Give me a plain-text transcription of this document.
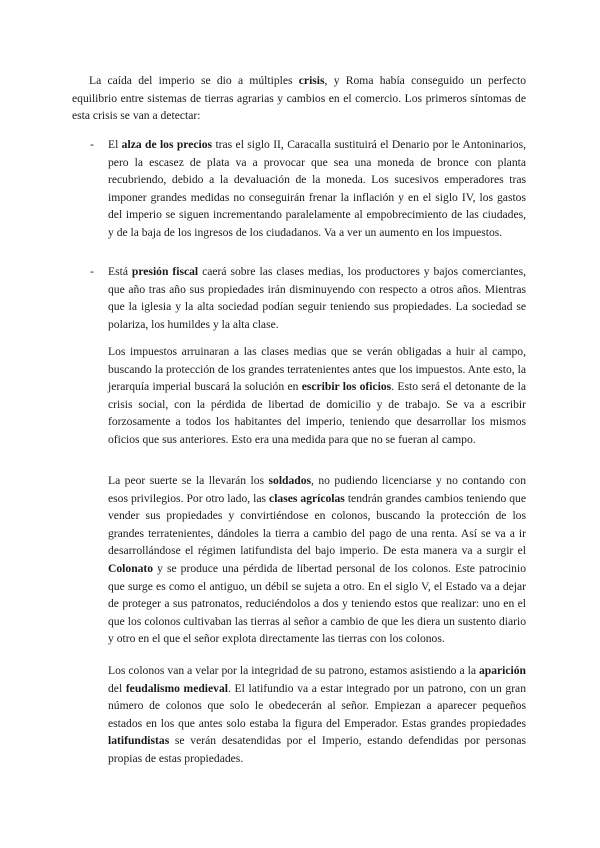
La caída del imperio se dio a múltiples crisis, y Roma había conseguido un perfecto equilibrio entre sistemas de tierras agrarias y cambios en el comercio. Los primeros síntomas de esta crisis se van a detectar:

- El alza de los precios tras el siglo II, Caracalla sustituirá el Denario por le Antoninarios, pero la escasez de plata va a provocar que sea una moneda de bronce con planta recubriendo, debido a la devaluación de la moneda. Los sucesivos emperadores tras imponer grandes medidas no conseguirán frenar la inflación y en el siglo IV, los gastos del imperio se siguen incrementando paralelamente al empobrecimiento de las ciudades, y de la baja de los ingresos de los ciudadanos. Va a ver un aumento en los impuestos.

- Está presión fiscal caerá sobre las clases medias, los productores y bajos comerciantes, que año tras año sus propiedades irán disminuyendo con respecto a otros años. Mientras que la iglesia y la alta sociedad podían seguir teniendo sus propiedades. La sociedad se polariza, los humildes y la alta clase.

Los impuestos arruinaran a las clases medias que se verán obligadas a huir al campo, buscando la protección de los grandes terratenientes antes que los impuestos. Ante esto, la jerarquía imperial buscará la solución en escribir los oficios. Esto será el detonante de la crisis social, con la pérdida de libertad de domicilio y de trabajo. Se va a escribir forzosamente a todos los habitantes del imperio, teniendo que desarrollar los mismos oficios que sus anteriores. Esto era una medida para que no se fueran al campo.

La peor suerte se la llevarán los soldados, no pudiendo licenciarse y no contando con esos privilegios. Por otro lado, las clases agrícolas tendrán grandes cambios teniendo que vender sus propiedades y convirtiéndose en colonos, buscando la protección de los grandes terratenientes, dándoles la tierra a cambio del pago de una renta. Así se va a ir desarrollándose el régimen latifundista del bajo imperio. De esta manera va a surgir el Colonato y se produce una pérdida de libertad personal de los colonos. Este patrocinio que surge es como el antiguo, un débil se sujeta a otro. En el siglo V, el Estado va a dejar de proteger a sus patronatos, reduciéndolos a dos y teniendo estos que realizar: uno en el que los colonos cultivaban las tierras al señor a cambio de que les diera un sustento diario y otro en el que el señor explota directamente las tierras con los colonos.

Los colonos van a velar por la integridad de su patrono, estamos asistiendo a la aparición del feudalismo medieval. El latifundio va a estar integrado por un patrono, con un gran número de colonos que solo le obedecerán al señor. Empiezan a aparecer pequeños estados en los que antes solo estaba la figura del Emperador. Estas grandes propiedades latifundistas se verán desatendidas por el Imperio, estando defendidas por personas propias de estas propiedades.
